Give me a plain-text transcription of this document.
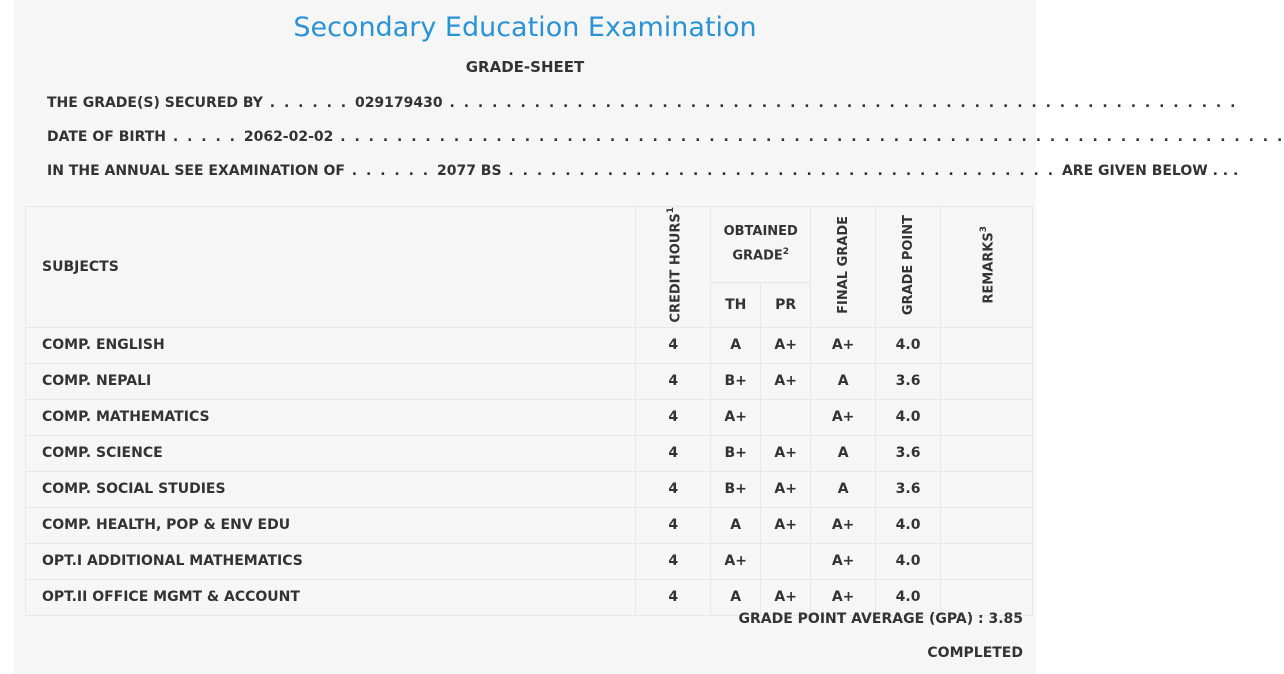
Secondary Education Examination
GRADE-SHEET
THE GRADE(S) SECURED BY . . . . . . 029179430 . . . . . . . . . . . . . . . . . . . . . . . . . . . . . . . . . . . . . . . . . . . . . . . . . . . . . . . .
DATE OF BIRTH . . . . . 2062-02-02 . . . . . . . . . . . . . . . . . . . . . . . . . . . . . . . . . . . . . . . . . . . . . . . . . . . . . . . . . . . . . . . . . . .
IN THE ANNUAL SEE EXAMINATION OF . . . . . . 2077 BS . . . . . . . . . . . . . . . . . . . . . . . . . . . . . . . . . . . . . . . ARE GIVEN BELOW . . .
SUBJECTS	CREDIT HOURS$^1$	OBTAINED GRADE$^2$		FINAL GRADE	GRADE POINT	REMARKS$^3$
		TH	PR			
COMP. ENGLISH	4	A	A+	A+	4.0	
COMP. NEPALI	4	B+	A+	A	3.6	
COMP. MATHEMATICS	4	A+		A+	4.0	
COMP. SCIENCE	4	B+	A+	A	3.6	
COMP. SOCIAL STUDIES	4	B+	A+	A	3.6	
COMP. HEALTH, POP & ENV EDU	4	A	A+	A+	4.0	
OPT.I ADDITIONAL MATHEMATICS	4	A+		A+	4.0	
OPT.II OFFICE MGMT & ACCOUNT	4	A	A+	A+	4.0	
GRADE POINT AVERAGE (GPA) : 3.85
COMPLETED
